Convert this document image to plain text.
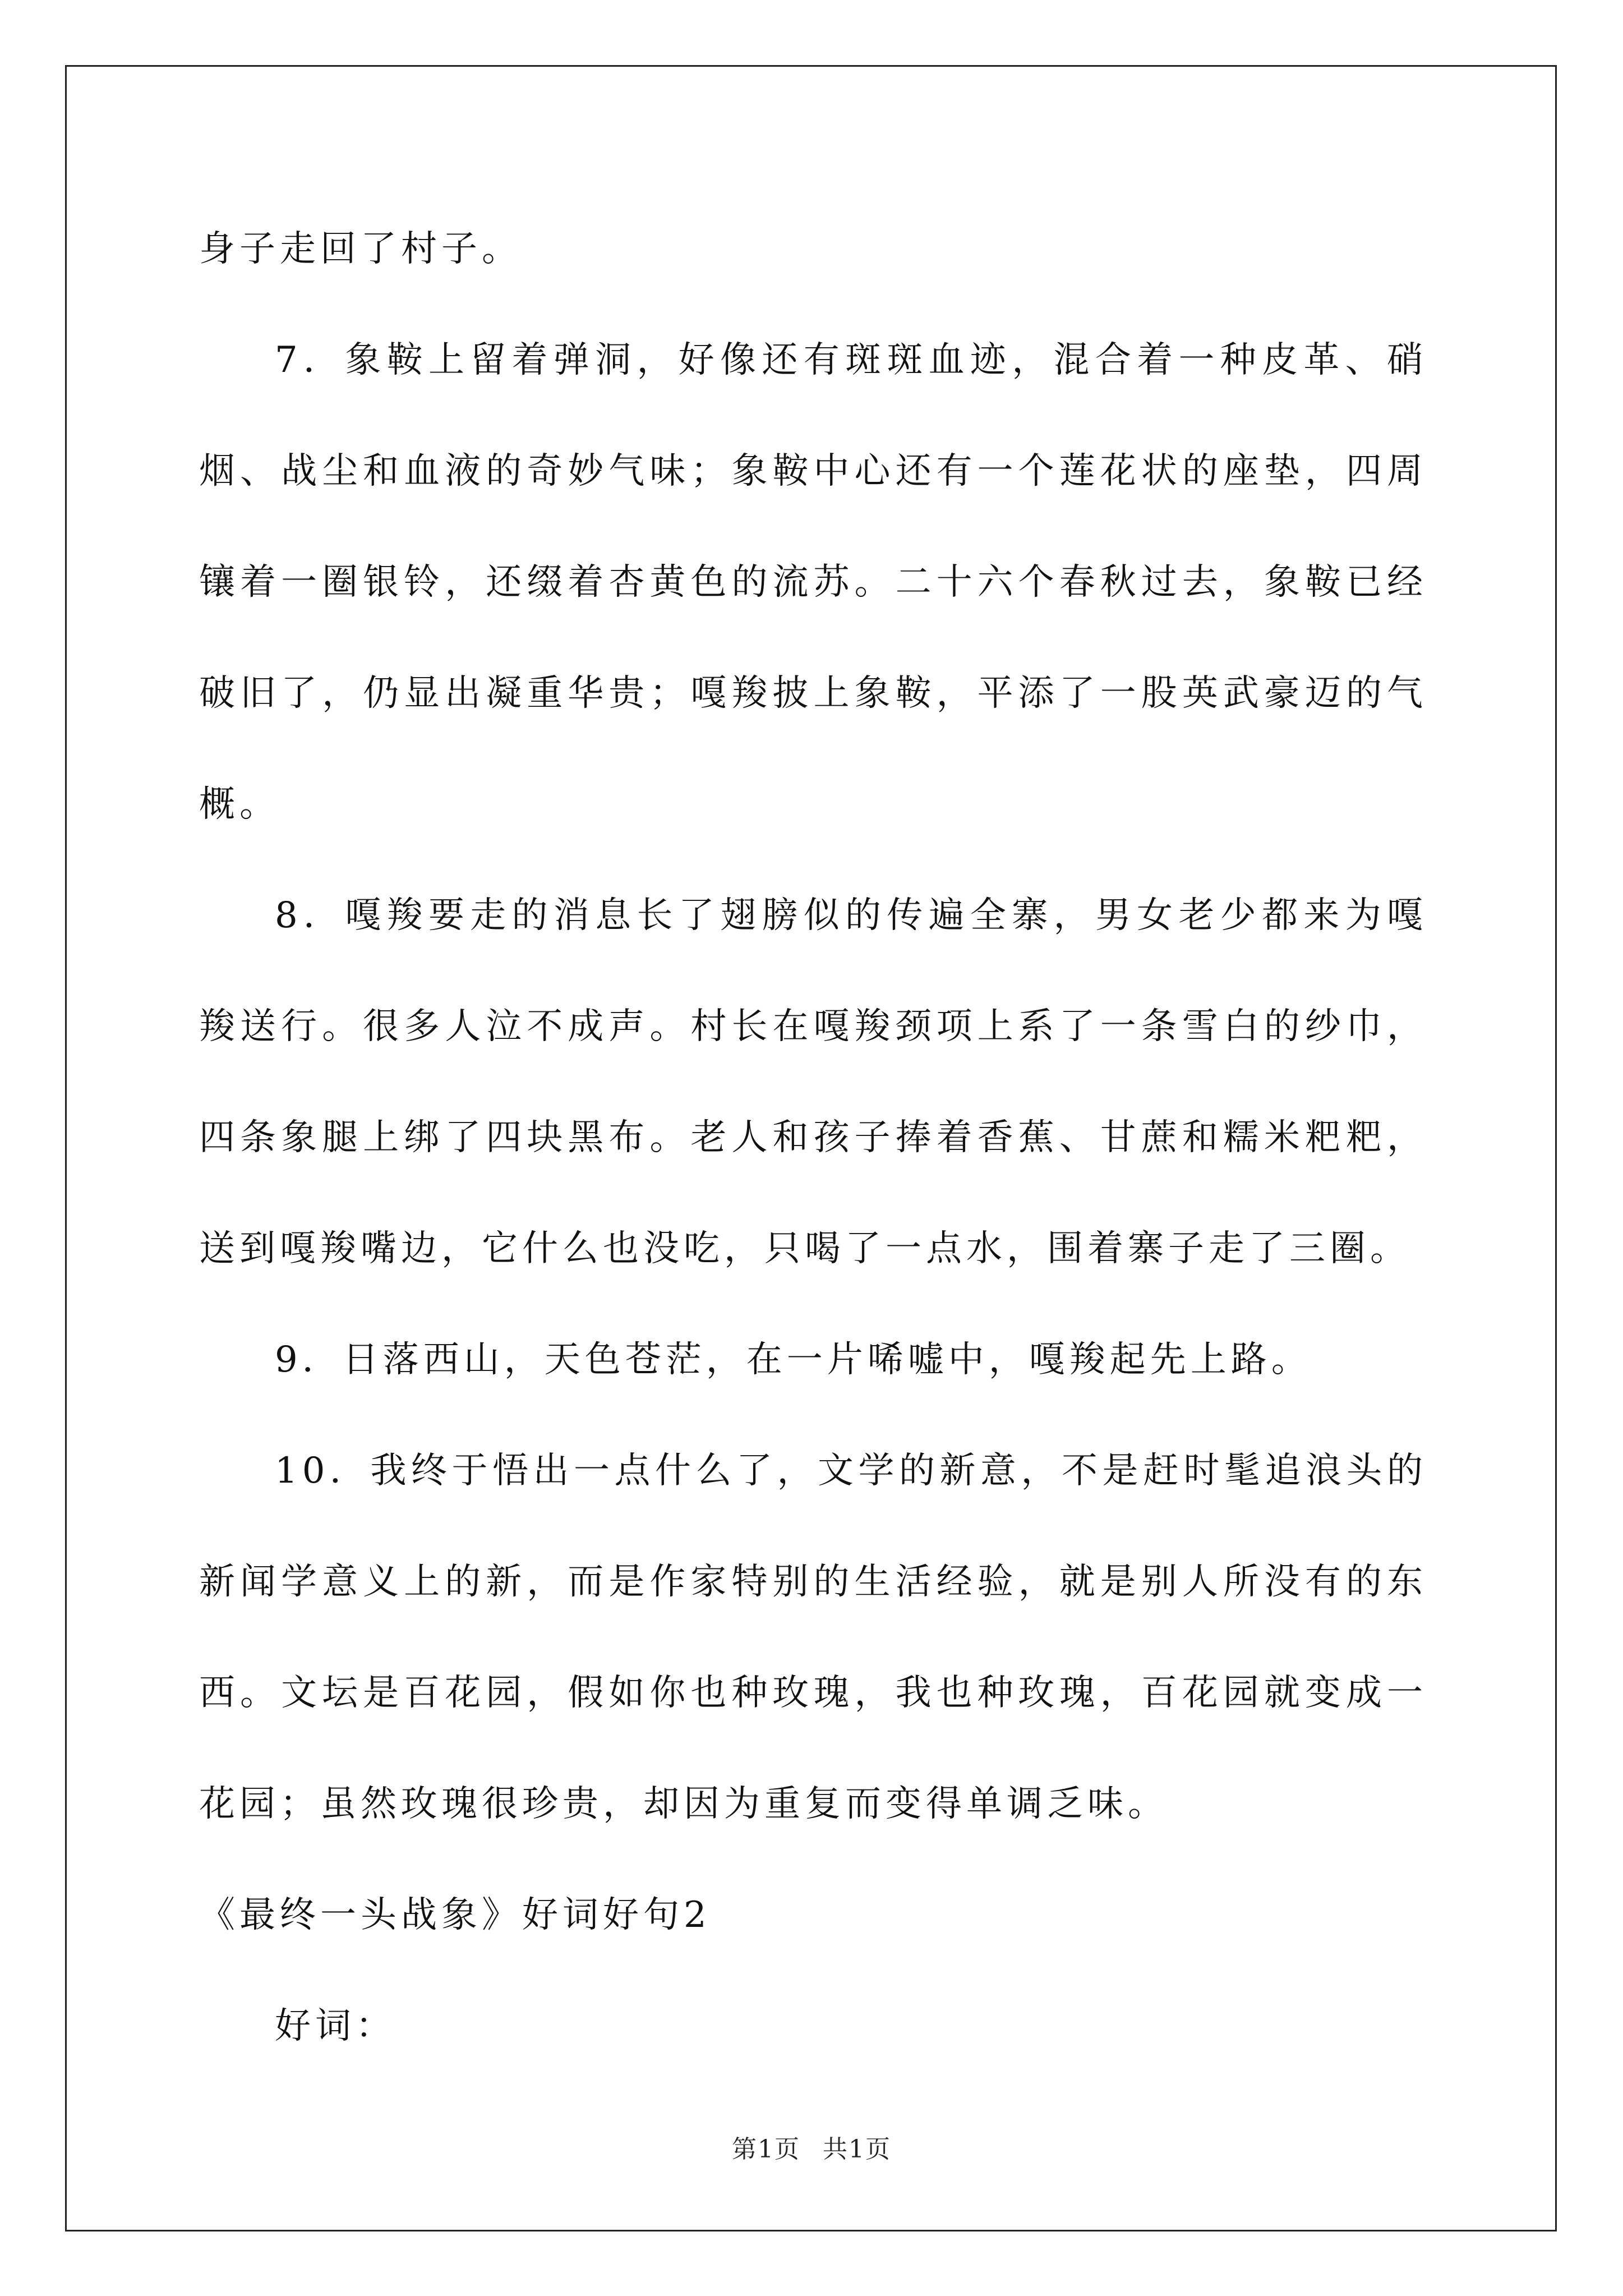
身子走回了村子。

7．象鞍上留着弹洞，好像还有斑斑血迹，混合着一种皮革、硝烟、战尘和血液的奇妙气味；象鞍中心还有一个莲花状的座垫，四周镶着一圈银铃，还缀着杏黄色的流苏。二十六个春秋过去，象鞍已经破旧了，仍显出凝重华贵；嘎羧披上象鞍，平添了一股英武豪迈的气概。

8．嘎羧要走的消息长了翅膀似的传遍全寨，男女老少都来为嘎羧送行。很多人泣不成声。村长在嘎羧颈项上系了一条雪白的纱巾，四条象腿上绑了四块黑布。老人和孩子捧着香蕉、甘蔗和糯米粑粑，送到嘎羧嘴边，它什么也没吃，只喝了一点水，围着寨子走了三圈。

9．日落西山，天色苍茫，在一片唏嘘中，嘎羧起先上路。

10．我终于悟出一点什么了，文学的新意，不是赶时髦追浪头的新闻学意义上的新，而是作家特别的生活经验，就是别人所没有的东西。文坛是百花园，假如你也种玫瑰，我也种玫瑰，百花园就变成一花园；虽然玫瑰很珍贵，却因为重复而变得单调乏味。

《最终一头战象》好词好句2

好词：

第1页 共1页
